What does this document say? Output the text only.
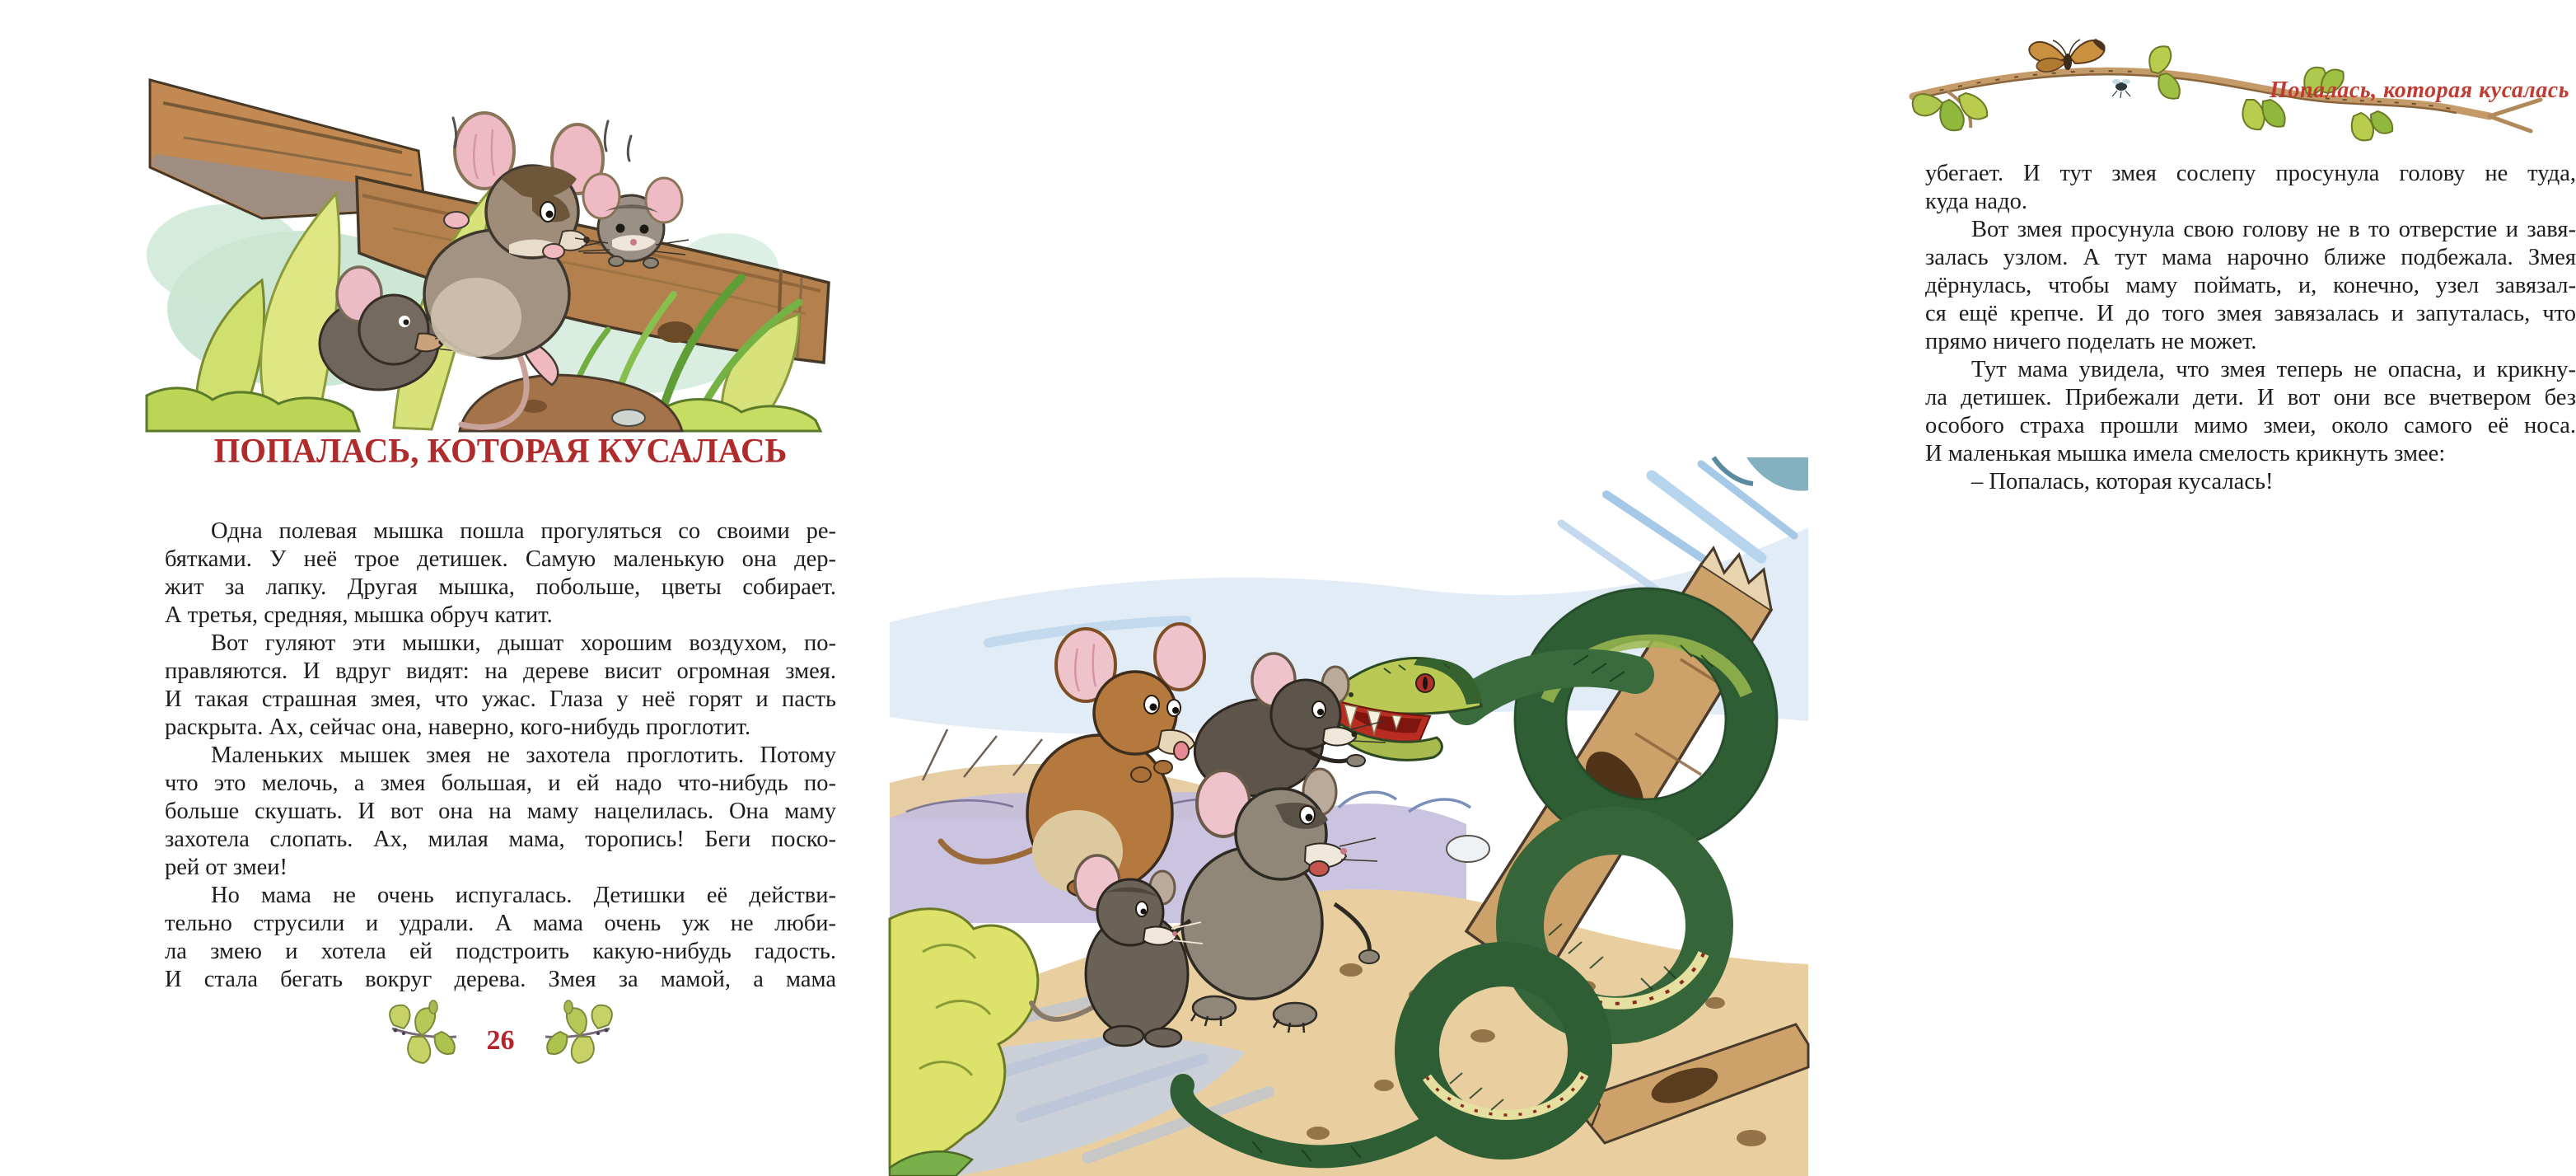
ПОПАЛАСЬ, КОТОРАЯ КУСАЛАСЬ
Одна полевая мышка пошла прогуляться со своими ре-
бятками. У неё трое детишек. Самую маленькую она дер-
жит за лапку. Другая мышка, побольше, цветы собирает.
А третья, средняя, мышка обруч катит.
Вот гуляют эти мышки, дышат хорошим воздухом, по-
правляются. И вдруг видят: на дереве висит огромная змея.
И такая страшная змея, что ужас. Глаза у неё горят и пасть
раскрыта. Ах, сейчас она, наверно, кого-нибудь проглотит.
Маленьких мышек змея не захотела проглотить. Потому
что это мелочь, а змея большая, и ей надо что-нибудь по-
больше скушать. И вот она на маму нацелилась. Она маму
захотела слопать. Ах, милая мама, торопись! Беги поско-
рей от змеи!
Но мама не очень испугалась. Детишки её действи-
тельно струсили и удрали. А мама очень уж не люби-
ла змею и хотела ей подстроить какую-нибудь гадость.
И стала бегать вокруг дерева. Змея за мамой, а мама
26
Попалась, которая кусалась
убегает. И тут змея сослепу просунула голову не туда,
куда надо.
Вот змея просунула свою голову не в то отверстие и завя-
залась узлом. А тут мама нарочно ближе подбежала. Змея
дёрнулась, чтобы маму поймать, и, конечно, узел завязал-
ся ещё крепче. И до того змея завязалась и запуталась, что
прямо ничего поделать не может.
Тут мама увидела, что змея теперь не опасна, и крикну-
ла детишек. Прибежали дети. И вот они все вчетвером без
особого страха прошли мимо змеи, около самого её носа.
И маленькая мышка имела смелость крикнуть змее:
– Попалась, которая кусалась!
